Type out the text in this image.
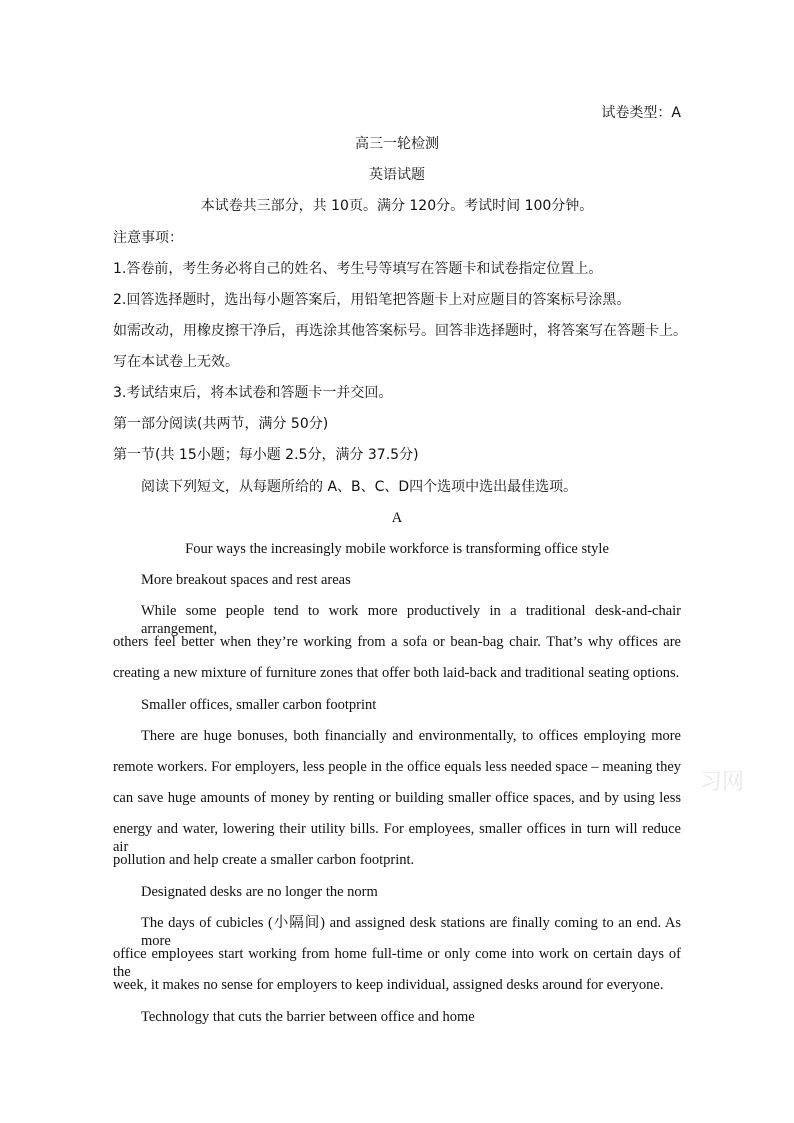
试卷类型：A
高三一轮检测
英语试题
本试卷共三部分，共 10页。满分 120分。考试时间 100分钟。
注意事项：
1.答卷前，考生务必将自己的姓名、考生号等填写在答题卡和试卷指定位置上。
2.回答选择题时，选出每小题答案后，用铅笔把答题卡上对应题目的答案标号涂黑。
如需改动，用橡皮擦干净后，再选涂其他答案标号。回答非选择题时，将答案写在答题卡上。
写在本试卷上无效。
3.考试结束后，将本试卷和答题卡一并交回。
第一部分阅读(共两节，满分 50分)
第一节(共 15小题；每小题 2.5分，满分 37.5分)
阅读下列短文，从每题所给的 A、B、C、D四个选项中选出最佳选项。
A
Four ways the increasingly mobile workforce is transforming office style
More breakout spaces and rest areas
While some people tend to work more productively in a traditional desk-and-chair arrangement,
others feel better when they’re working from a sofa or bean-bag chair. That’s why offices are
creating a new mixture of furniture zones that offer both laid-back and traditional seating options.
Smaller offices, smaller carbon footprint
There are huge bonuses, both financially and environmentally, to offices employing more
remote workers. For employers, less people in the office equals less needed space – meaning they
can save huge amounts of money by renting or building smaller office spaces, and by using less
energy and water, lowering their utility bills. For employees, smaller offices in turn will reduce air
pollution and help create a smaller carbon footprint.
Designated desks are no longer the norm
The days of cubicles (小隔间) and assigned desk stations are finally coming to an end. As more
office employees start working from home full-time or only come into work on certain days of the
week, it makes no sense for employers to keep individual, assigned desks around for everyone.
Technology that cuts the barrier between office and home
习网
